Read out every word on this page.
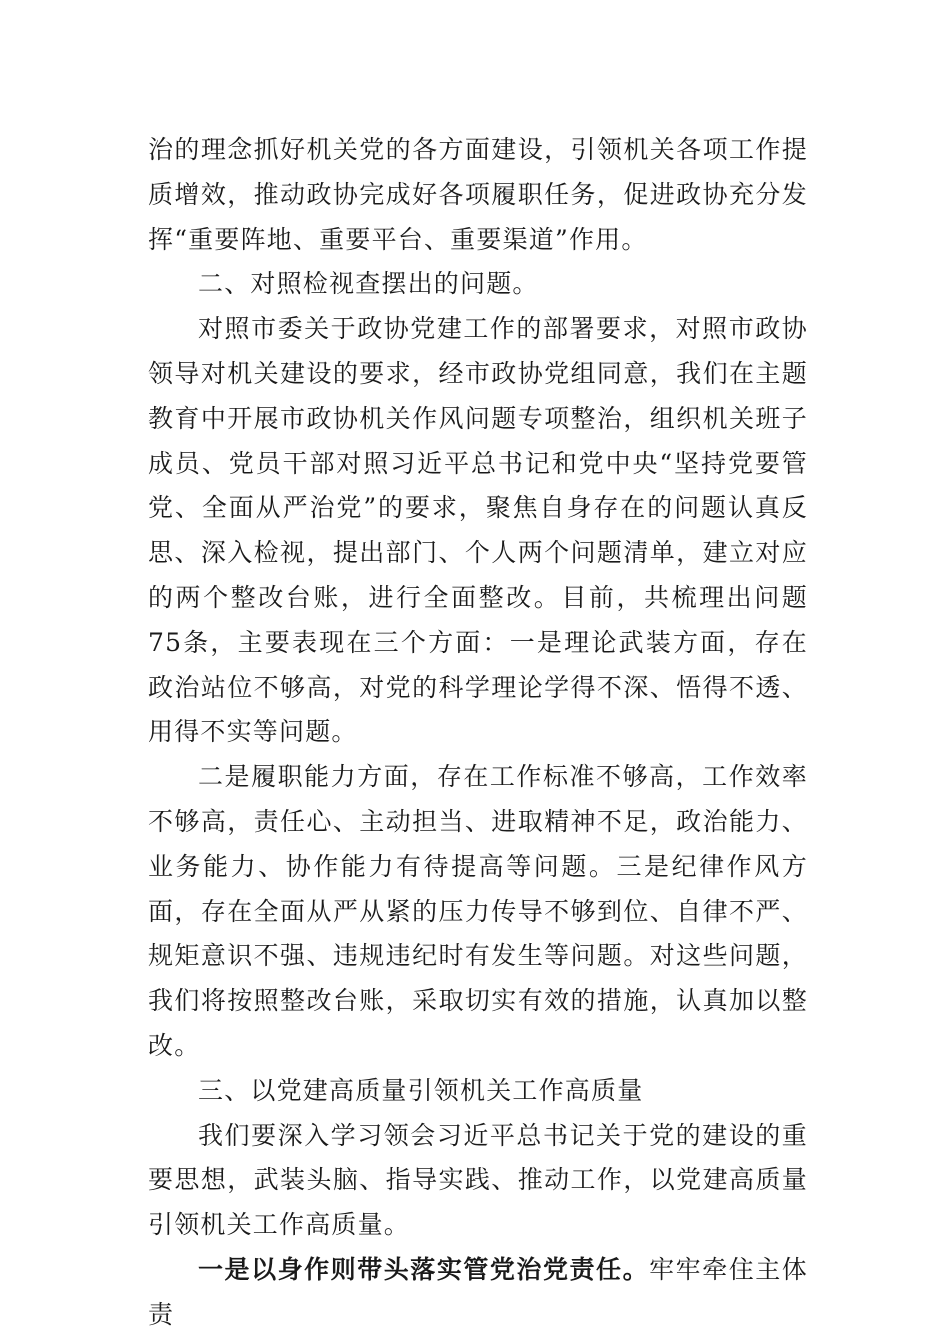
治的理念抓好机关党的各方面建设，引领机关各项工作提质增效，推动政协完成好各项履职任务，促进政协充分发挥“重要阵地、重要平台、重要渠道”作用。

二、对照检视查摆出的问题。

对照市委关于政协党建工作的部署要求，对照市政协领导对机关建设的要求，经市政协党组同意，我们在主题教育中开展市政协机关作风问题专项整治，组织机关班子成员、党员干部对照习近平总书记和党中央“坚持党要管党、全面从严治党”的要求，聚焦自身存在的问题认真反思、深入检视，提出部门、个人两个问题清单，建立对应的两个整改台账，进行全面整改。目前，共梳理出问题75条，主要表现在三个方面：一是理论武装方面，存在政治站位不够高，对党的科学理论学得不深、悟得不透、用得不实等问题。

二是履职能力方面，存在工作标准不够高，工作效率不够高，责任心、主动担当、进取精神不足，政治能力、业务能力、协作能力有待提高等问题。三是纪律作风方面，存在全面从严从紧的压力传导不够到位、自律不严、规矩意识不强、违规违纪时有发生等问题。对这些问题，我们将按照整改台账，采取切实有效的措施，认真加以整改。

三、以党建高质量引领机关工作高质量

我们要深入学习领会习近平总书记关于党的建设的重要思想，武装头脑、指导实践、推动工作，以党建高质量引领机关工作高质量。

一是以身作则带头落实管党治党责任。牢牢牵住主体责
